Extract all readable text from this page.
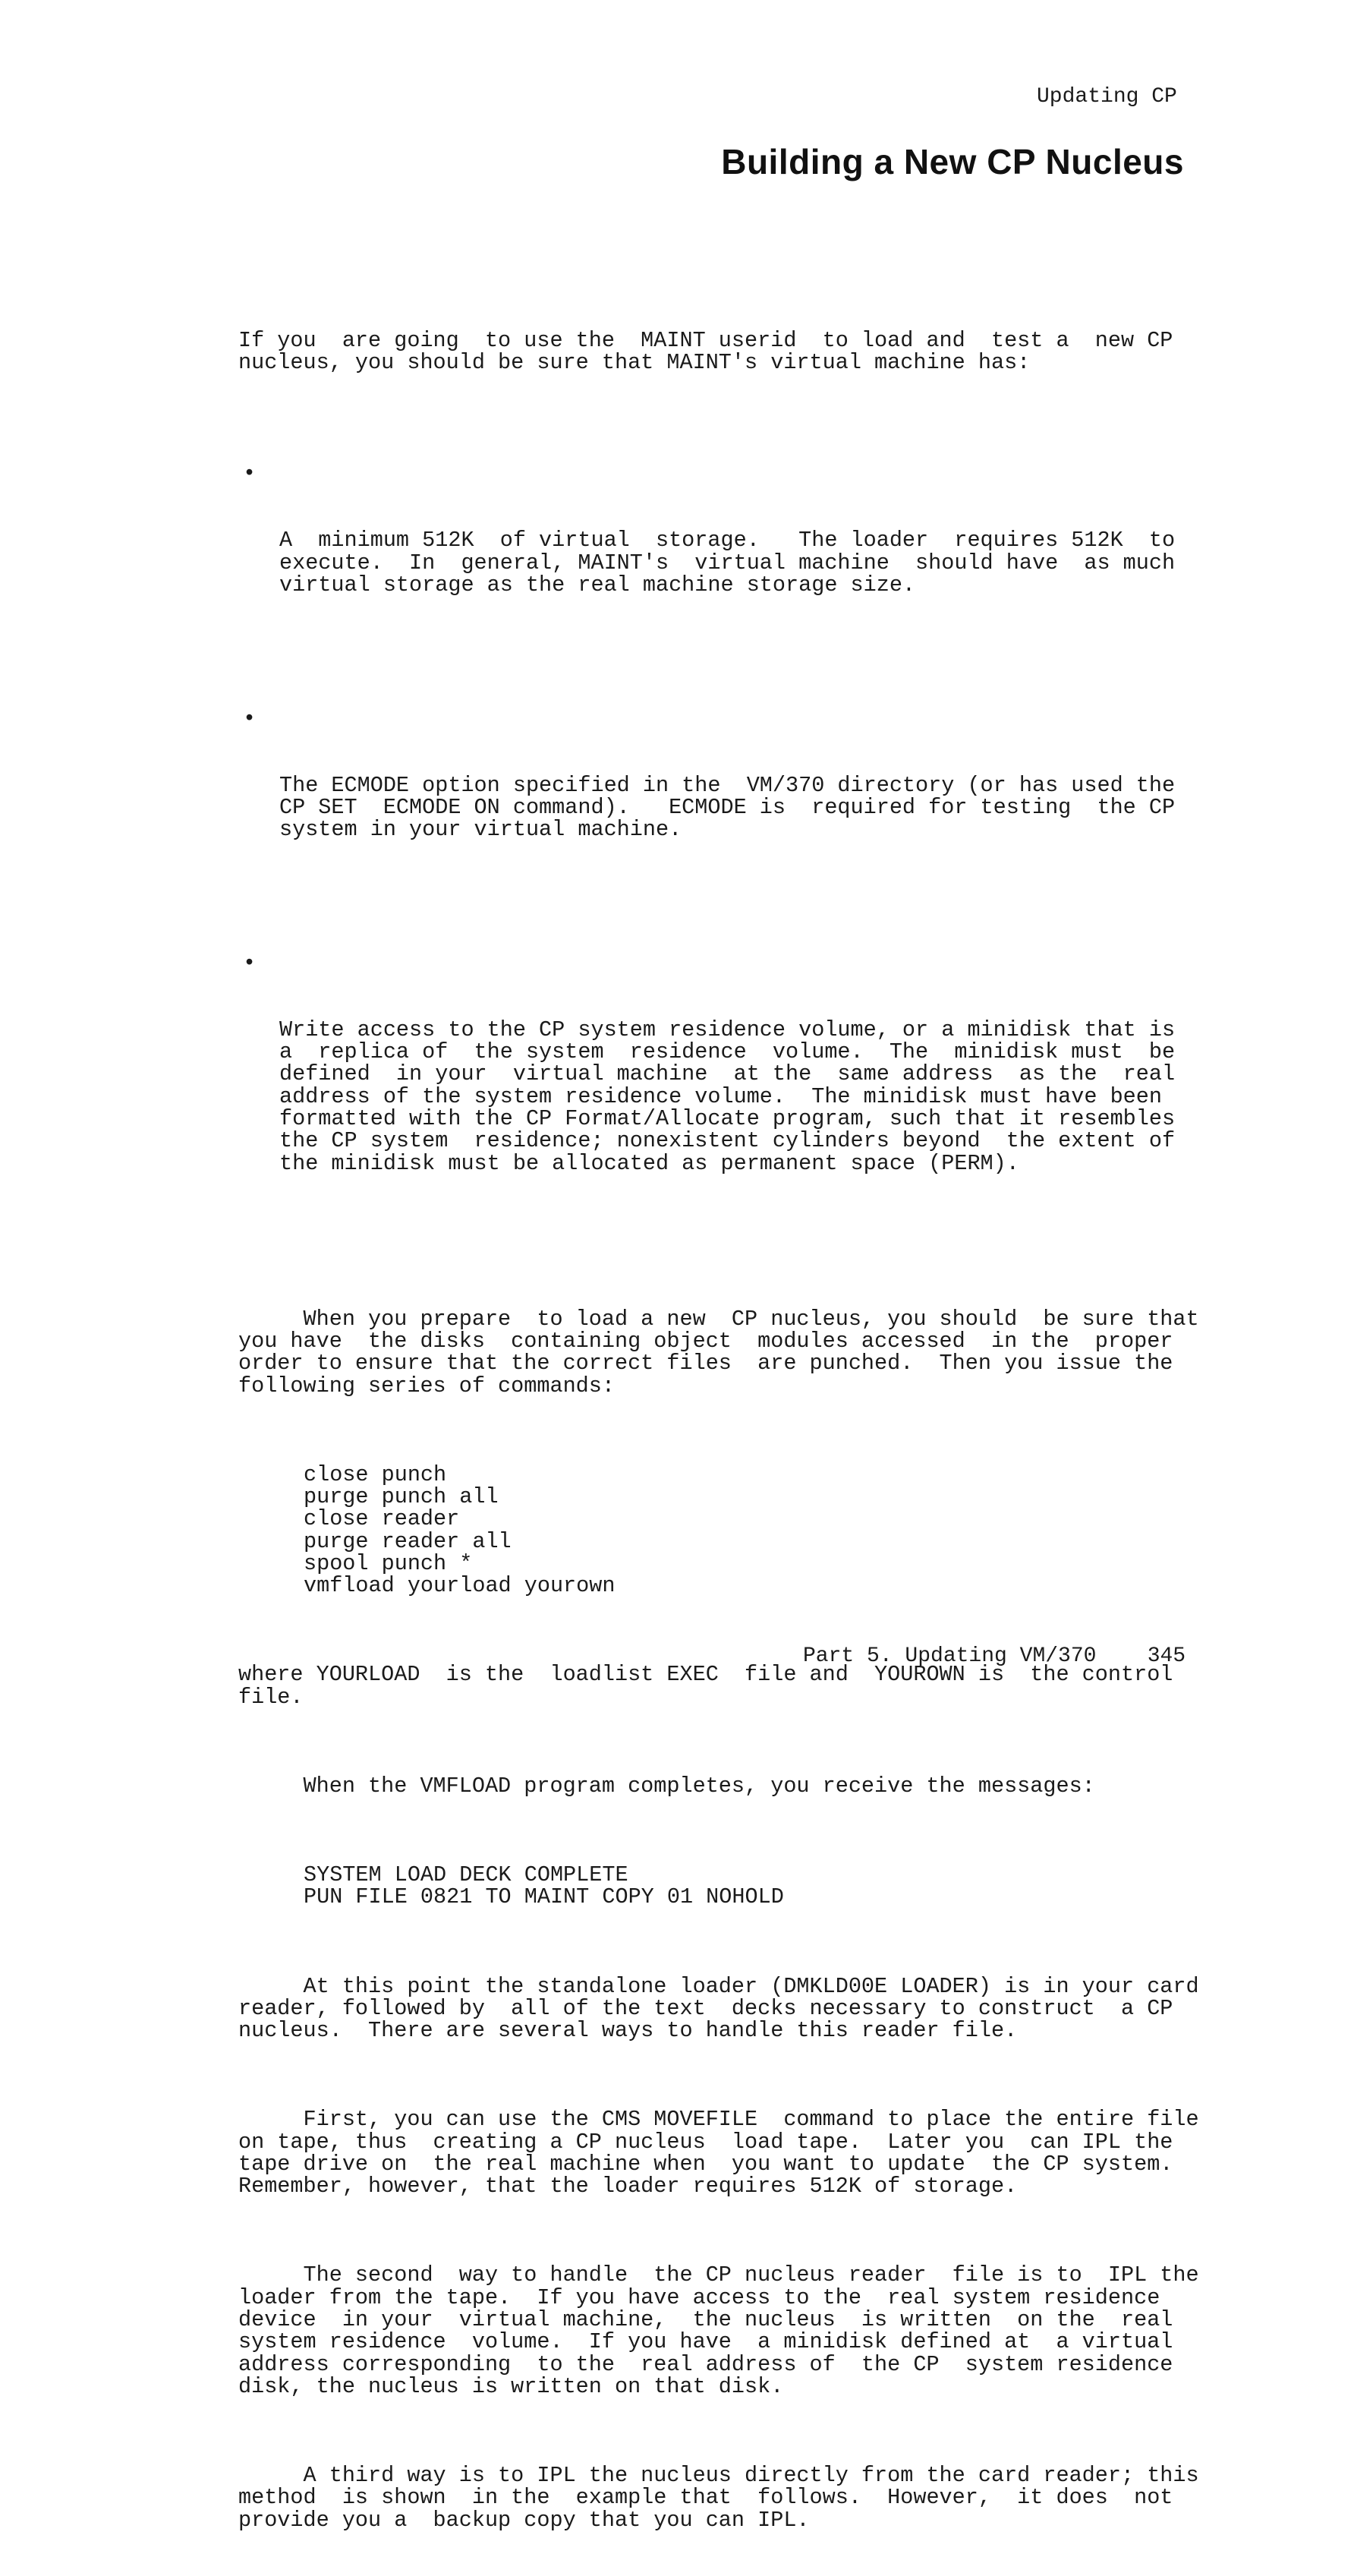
Updating CP
Building a New CP Nucleus

If you  are going  to use the  MAINT userid  to load and  test a  new CP
nucleus, you should be sure that MAINT's virtual machine has:

•

A  minimum 512K  of virtual  storage.   The loader  requires 512K  to
execute.  In  general, MAINT's  virtual machine  should have  as much
virtual storage as the real machine storage size.

•

The ECMODE option specified in the  VM/370 directory (or has used the
CP SET  ECMODE ON command).   ECMODE is  required for testing  the CP
system in your virtual machine.

•

Write access to the CP system residence volume, or a minidisk that is
a  replica of  the system  residence  volume.  The  minidisk must  be
defined  in your  virtual machine  at the  same address  as the  real
address of the system residence volume.  The minidisk must have been
formatted with the CP Format/Allocate program, such that it resembles
the CP system  residence; nonexistent cylinders beyond  the extent of
the minidisk must be allocated as permanent space (PERM).

When you prepare  to load a new  CP nucleus, you should  be sure that
you have  the disks  containing object  modules accessed  in the  proper
order to ensure that the correct files  are punched.  Then you issue the
following series of commands:

close punch
purge punch all
close reader
purge reader all
spool punch *
vmfload yourload yourown

where YOURLOAD  is the  loadlist EXEC  file and  YOUROWN is  the control
file.

When the VMFLOAD program completes, you receive the messages:

SYSTEM LOAD DECK COMPLETE
PUN FILE 0821 TO MAINT COPY 01 NOHOLD

At this point the standalone loader (DMKLD00E LOADER) is in your card
reader, followed by  all of the text  decks necessary to construct  a CP
nucleus.  There are several ways to handle this reader file.

First, you can use the CMS MOVEFILE  command to place the entire file
on tape, thus  creating a CP nucleus  load tape.  Later you  can IPL the
tape drive on  the real machine when  you want to update  the CP system.
Remember, however, that the loader requires 512K of storage.

The second  way to handle  the CP nucleus reader  file is to  IPL the
loader from the tape.  If you have access to the  real system residence
device  in your  virtual machine,  the nucleus  is written  on the  real
system residence  volume.  If you have  a minidisk defined at  a virtual
address corresponding  to the  real address of  the CP  system residence
disk, the nucleus is written on that disk.

A third way is to IPL the nucleus directly from the card reader; this
method  is shown  in the  example that  follows.  However,  it does  not
provide you a  backup copy that you can IPL.

Part 5. Updating VM/370 345
